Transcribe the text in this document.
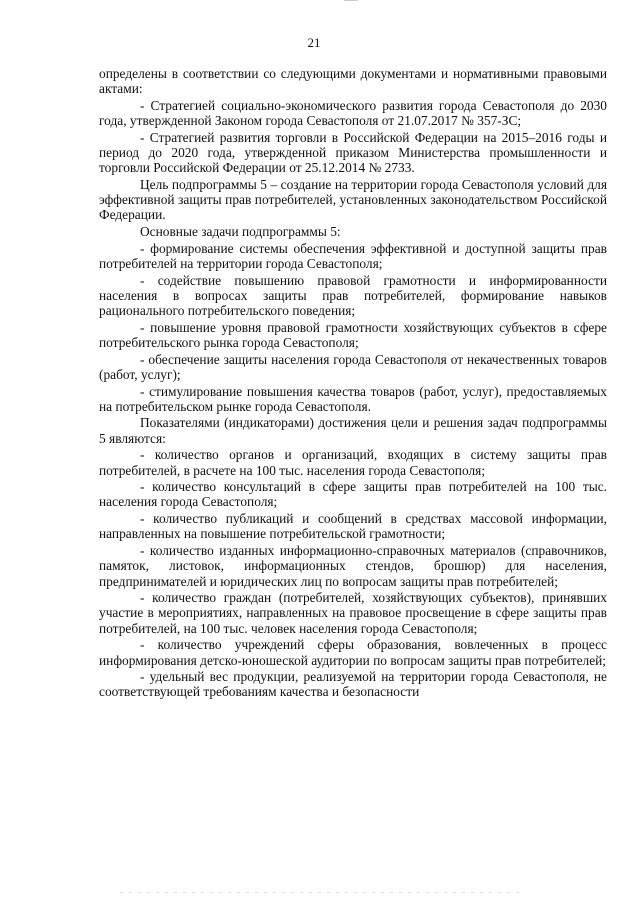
21

определены в соответствии со следующими документами и нормативными правовыми актами:

- Стратегией социально-экономического развития города Севастополя до 2030 года, утвержденной Законом города Севастополя от 21.07.2017 № 357-ЗС;

- Стратегией развития торговли в Российской Федерации на 2015–2016 годы и период до 2020 года, утвержденной приказом Министерства промышленности и торговли Российской Федерации от 25.12.2014 № 2733.

Цель подпрограммы 5 – создание на территории города Севастополя условий для эффективной защиты прав потребителей, установленных законодательством Российской Федерации.

Основные задачи подпрограммы 5:

- формирование системы обеспечения эффективной и доступной защиты прав потребителей на территории города Севастополя;

- содействие повышению правовой грамотности и информированности населения в вопросах защиты прав потребителей, формирование навыков рационального потребительского поведения;

- повышение уровня правовой грамотности хозяйствующих субъектов в сфере потребительского рынка города Севастополя;

- обеспечение защиты населения города Севастополя от некачественных товаров (работ, услуг);

- стимулирование повышения качества товаров (работ, услуг), предоставляемых на потребительском рынке города Севастополя.

Показателями (индикаторами) достижения цели и решения задач подпрограммы 5 являются:

- количество органов и организаций, входящих в систему защиты прав потребителей, в расчете на 100 тыс. населения города Севастополя;

- количество консультаций в сфере защиты прав потребителей на 100 тыс. населения города Севастополя;

- количество публикаций и сообщений в средствах массовой информации, направленных на повышение потребительской грамотности;

- количество изданных информационно-справочных материалов (справочников, памяток, листовок, информационных стендов, брошюр) для населения, предпринимателей и юридических лиц по вопросам защиты прав потребителей;

- количество граждан (потребителей, хозяйствующих субъектов), принявших участие в мероприятиях, направленных на правовое просвещение в сфере защиты прав потребителей, на 100 тыс. человек населения города Севастополя;

- количество учреждений сферы образования, вовлеченных в процесс информирования детско-юношеской аудитории по вопросам защиты прав потребителей;

- удельный вес продукции, реализуемой на территории города Севастополя, не соответствующей требованиям качества и безопасности
